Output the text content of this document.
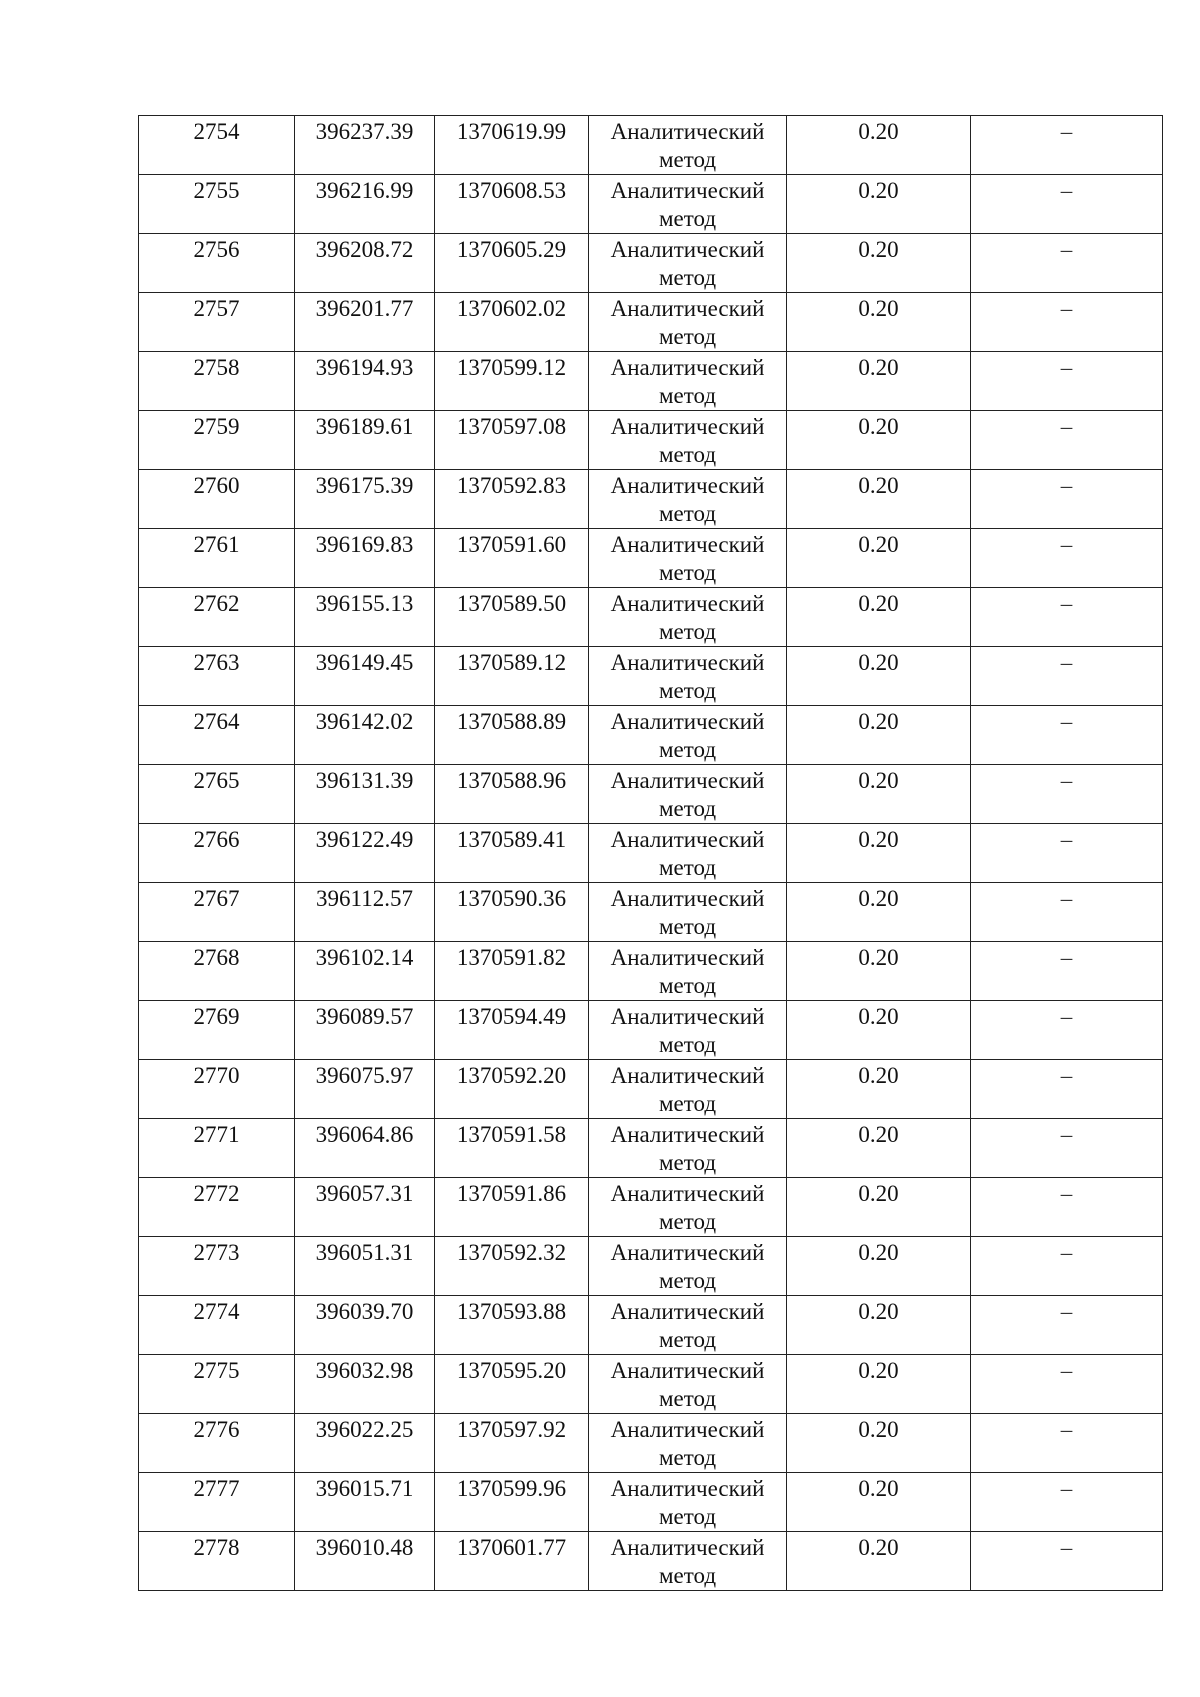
2754	396237.39	1370619.99	Аналитический метод	0.20	–
2755	396216.99	1370608.53	Аналитический метод	0.20	–
2756	396208.72	1370605.29	Аналитический метод	0.20	–
2757	396201.77	1370602.02	Аналитический метод	0.20	–
2758	396194.93	1370599.12	Аналитический метод	0.20	–
2759	396189.61	1370597.08	Аналитический метод	0.20	–
2760	396175.39	1370592.83	Аналитический метод	0.20	–
2761	396169.83	1370591.60	Аналитический метод	0.20	–
2762	396155.13	1370589.50	Аналитический метод	0.20	–
2763	396149.45	1370589.12	Аналитический метод	0.20	–
2764	396142.02	1370588.89	Аналитический метод	0.20	–
2765	396131.39	1370588.96	Аналитический метод	0.20	–
2766	396122.49	1370589.41	Аналитический метод	0.20	–
2767	396112.57	1370590.36	Аналитический метод	0.20	–
2768	396102.14	1370591.82	Аналитический метод	0.20	–
2769	396089.57	1370594.49	Аналитический метод	0.20	–
2770	396075.97	1370592.20	Аналитический метод	0.20	–
2771	396064.86	1370591.58	Аналитический метод	0.20	–
2772	396057.31	1370591.86	Аналитический метод	0.20	–
2773	396051.31	1370592.32	Аналитический метод	0.20	–
2774	396039.70	1370593.88	Аналитический метод	0.20	–
2775	396032.98	1370595.20	Аналитический метод	0.20	–
2776	396022.25	1370597.92	Аналитический метод	0.20	–
2777	396015.71	1370599.96	Аналитический метод	0.20	–
2778	396010.48	1370601.77	Аналитический метод	0.20	–
